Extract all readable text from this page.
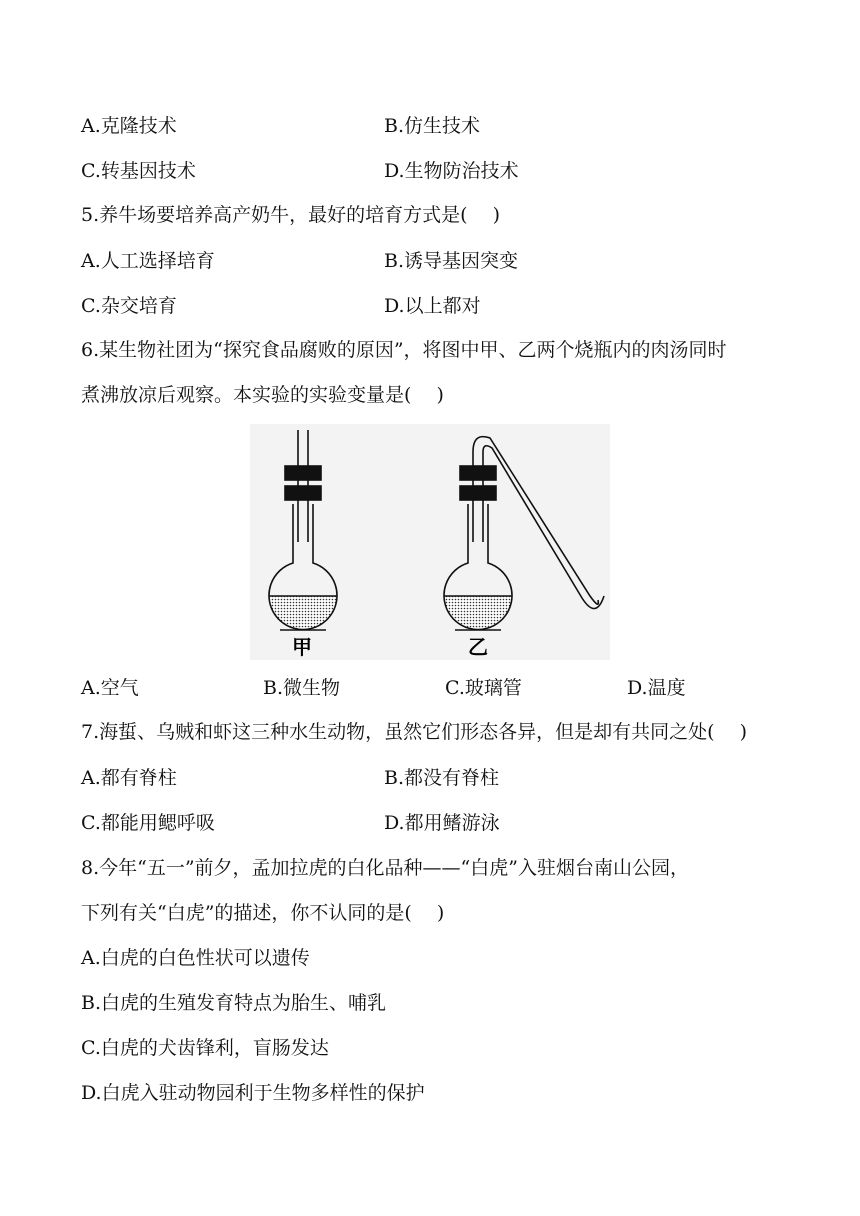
A.克隆技术	B.仿生技术
C.转基因技术	D.生物防治技术
5.养牛场要培养高产奶牛，最好的培育方式是(　 )
A.人工选择培育	B.诱导基因突变
C.杂交培育	D.以上都对
6.某生物社团为“探究食品腐败的原因”，将图中甲、乙两个烧瓶内的肉汤同时
煮沸放凉后观察。本实验的实验变量是(　 )
甲	乙
A.空气	B.微生物	C.玻璃管	D.温度
7.海蜇、乌贼和虾这三种水生动物，虽然它们形态各异，但是却有共同之处(　 )
A.都有脊柱	B.都没有脊柱
C.都能用鳃呼吸	D.都用鳍游泳
8.今年“五一”前夕，孟加拉虎的白化品种——“白虎”入驻烟台南山公园，
下列有关“白虎”的描述，你不认同的是(　 )
A.白虎的白色性状可以遗传
B.白虎的生殖发育特点为胎生、哺乳
C.白虎的犬齿锋利，盲肠发达
D.白虎入驻动物园利于生物多样性的保护
